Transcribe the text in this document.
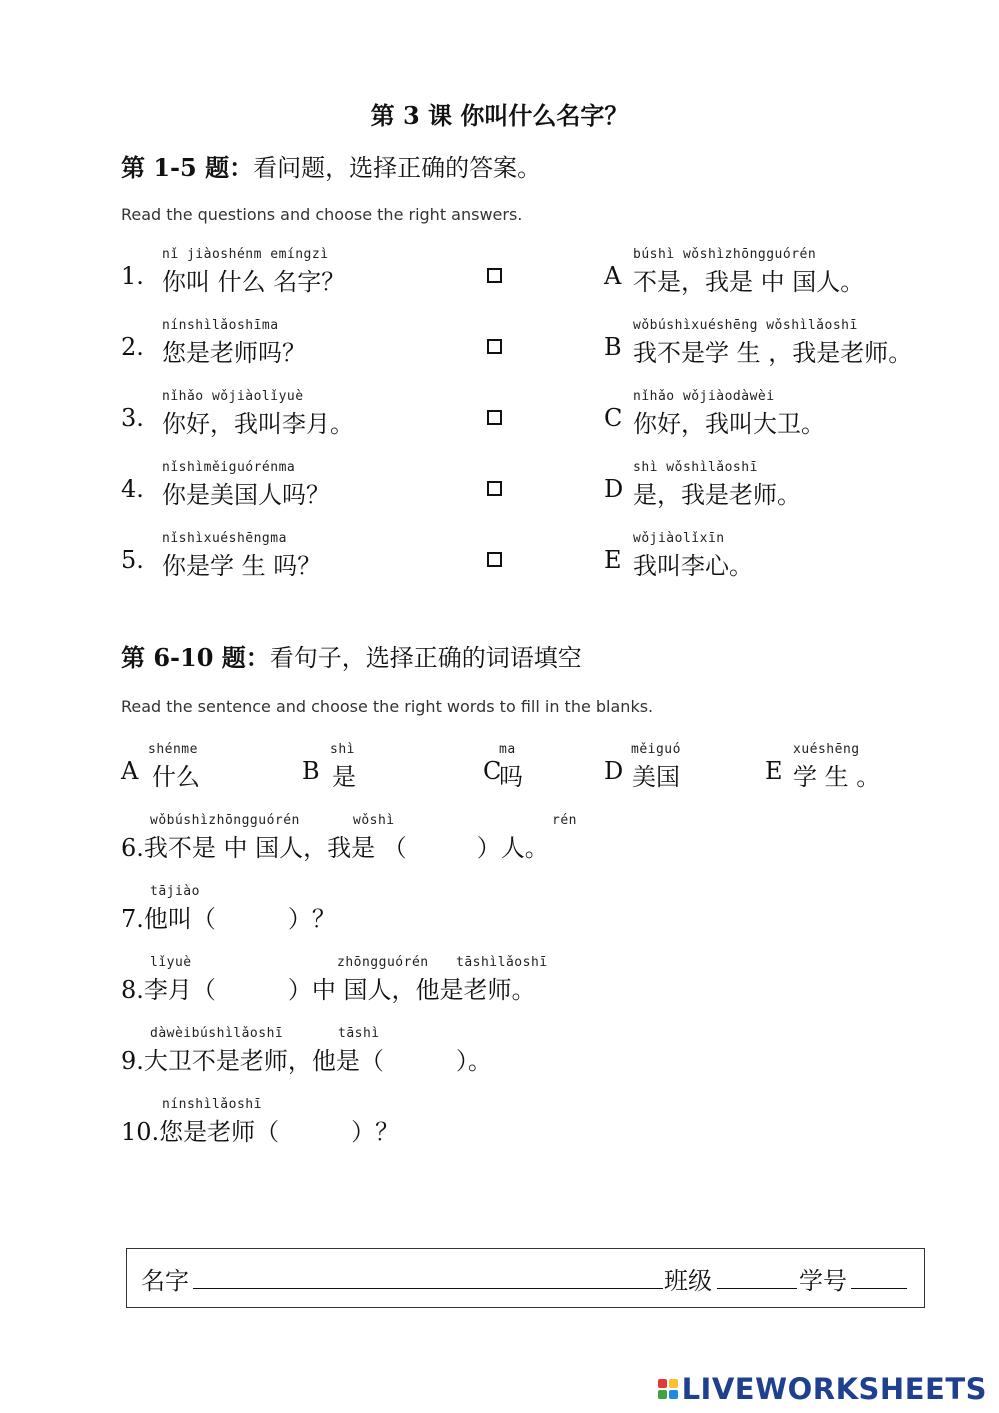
第 3 课 你叫什么名字？
第 1-5 题：看问题，选择正确的答案。
Read the questions and choose the right answers.
nǐ jiàoshénm emíngzì
1. 你叫 什么 名字？
nínshìlǎoshīma
2. 您是老师吗？
nǐhǎo wǒjiàolǐyuè
3. 你好，我叫李月。
nǐshìměiguórénma
4. 你是美国人吗？
nǐshìxuéshēngma
5. 你是学 生 吗？
búshì wǒshìzhōngguórén
A 不是，我是 中 国人。
wǒbúshìxuéshēng wǒshìlǎoshī
B 我不是学 生 ，我是老师。
nǐhǎo wǒjiàodàwèi
C 你好，我叫大卫。
shì wǒshìlǎoshī
D 是，我是老师。
wǒjiàolǐxīn
E 我叫李心。
第 6-10 题：看句子，选择正确的词语填空
Read the sentence and choose the right words to fill in the blanks.
shénme
A 什么
shì
B 是
ma
C
吗
měiguó
D 美国
xuéshēng
E 学 生 。
wǒbúshìzhōngguórén	wǒshì	rén
6.我不是 中 国人，我是 （	）人。
tājiào
7.他叫（	）？
lǐyuè	zhōngguórén tāshìlǎoshī
8.李月（	）中 国人，他是老师。
dàwèibúshìlǎoshī	tāshì
9.大卫不是老师，他是（	）。
nínshìlǎoshī
10.您是老师（	）？
名字	班级	学号
LIVEWORKSHEETS
